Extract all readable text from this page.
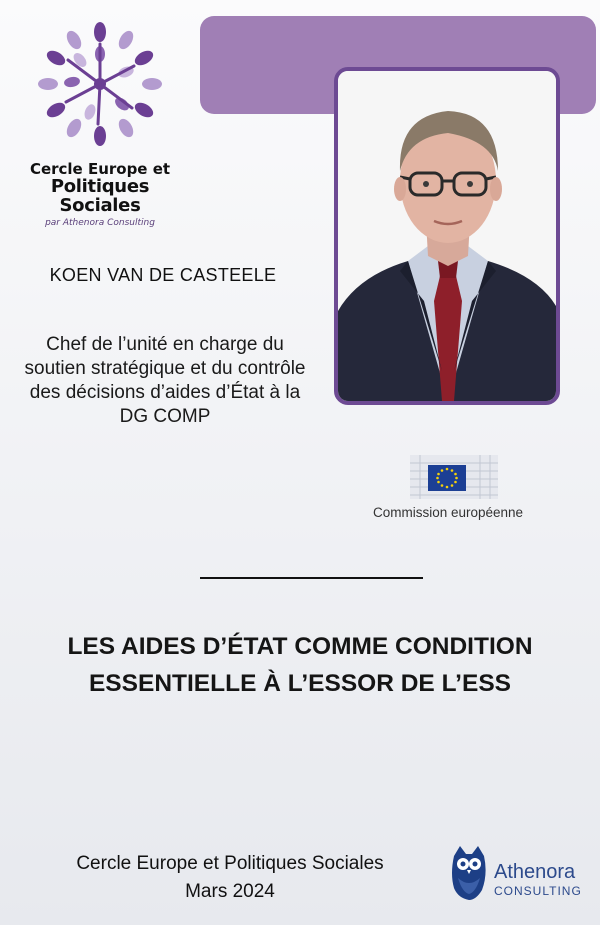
Cercle Europe et
Politiques Sociales
par Athenora Consulting
KOEN VAN DE CASTEELE
Chef de l’unité en charge du soutien stratégique et du contrôle des décisions d’aides d’État à la DG COMP
Commission européenne
LES AIDES D’ÉTAT COMME CONDITION
ESSENTIELLE À L’ESSOR DE L’ESS
Cercle Europe et Politiques Sociales
Mars 2024
Athenora
CONSULTING
